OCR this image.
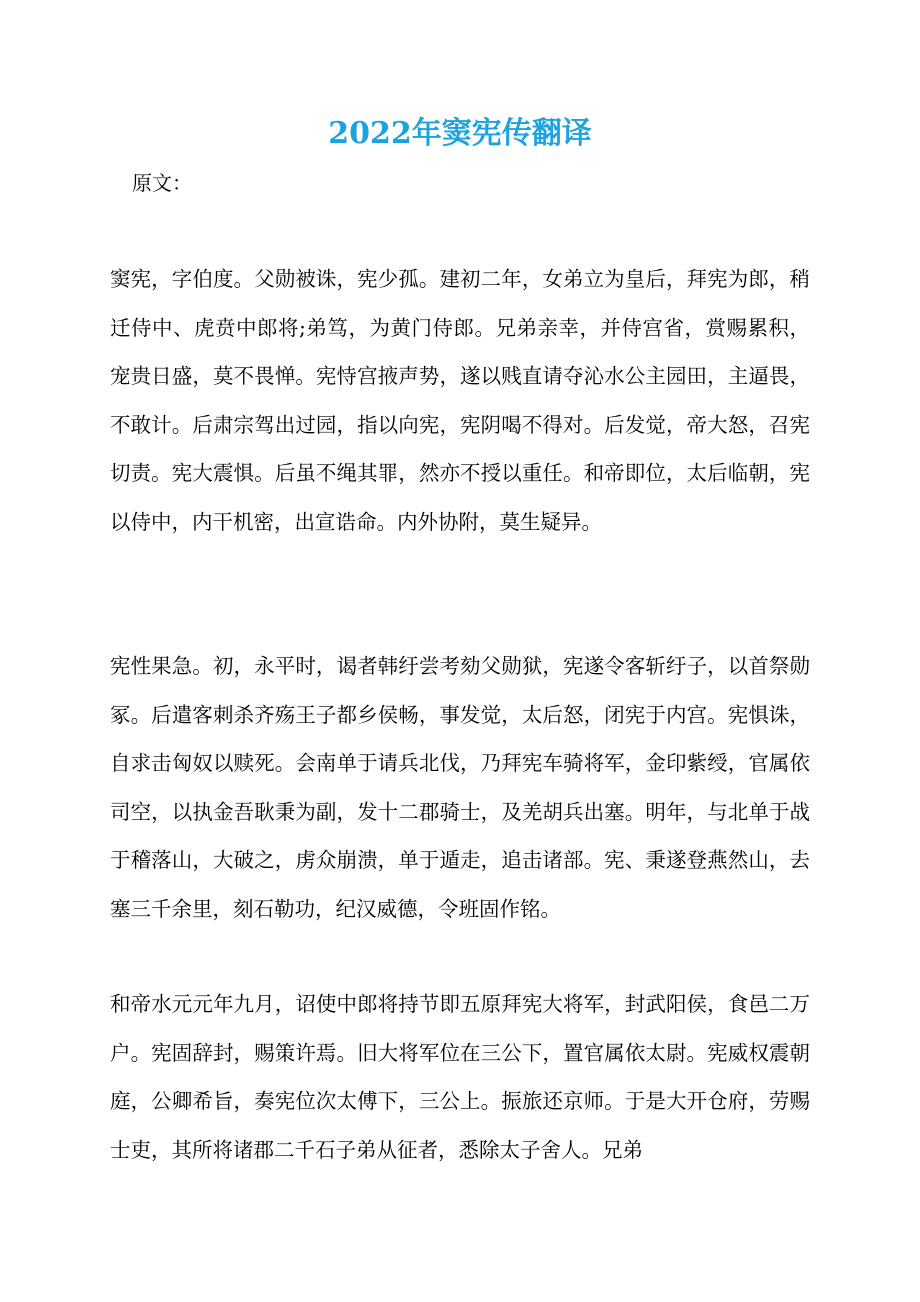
2022年窦宪传翻译
原文：
窦宪，字伯度。父勋被诛，宪少孤。建初二年，女弟立为皇后，拜宪为郎，稍迁侍中、虎贲中郎将;弟笃，为黄门侍郎。兄弟亲幸，并侍宫省，赏赐累积，宠贵日盛，莫不畏惮。宪恃宫掖声势，遂以贱直请夺沁水公主园田，主逼畏，不敢计。后肃宗驾出过园，指以向宪，宪阴喝不得对。后发觉，帝大怒，召宪切责。宪大震惧。后虽不绳其罪，然亦不授以重任。和帝即位，太后临朝，宪以侍中，内干机密，出宣诰命。内外协附，莫生疑异。
宪性果急。初，永平时，谒者韩纡尝考劾父勋狱，宪遂令客斩纡子，以首祭勋冢。后遣客刺杀齐殇王子都乡侯畅，事发觉，太后怒，闭宪于内宫。宪惧诛，自求击匈奴以赎死。会南单于请兵北伐，乃拜宪车骑将军，金印紫绶，官属依司空，以执金吾耿秉为副，发十二郡骑士，及羌胡兵出塞。明年，与北单于战于稽落山，大破之，虏众崩溃，单于遁走，追击诸部。宪、秉遂登燕然山，去塞三千余里，刻石勒功，纪汉威德，令班固作铭。
和帝水元元年九月，诏使中郎将持节即五原拜宪大将军，封武阳侯，食邑二万户。宪固辞封，赐策许焉。旧大将军位在三公下，置官属依太尉。宪威权震朝庭，公卿希旨，奏宪位次太傅下，三公上。振旅还京师。于是大开仓府，劳赐士吏，其所将诸郡二千石子弟从征者，悉除太子舍人。兄弟
